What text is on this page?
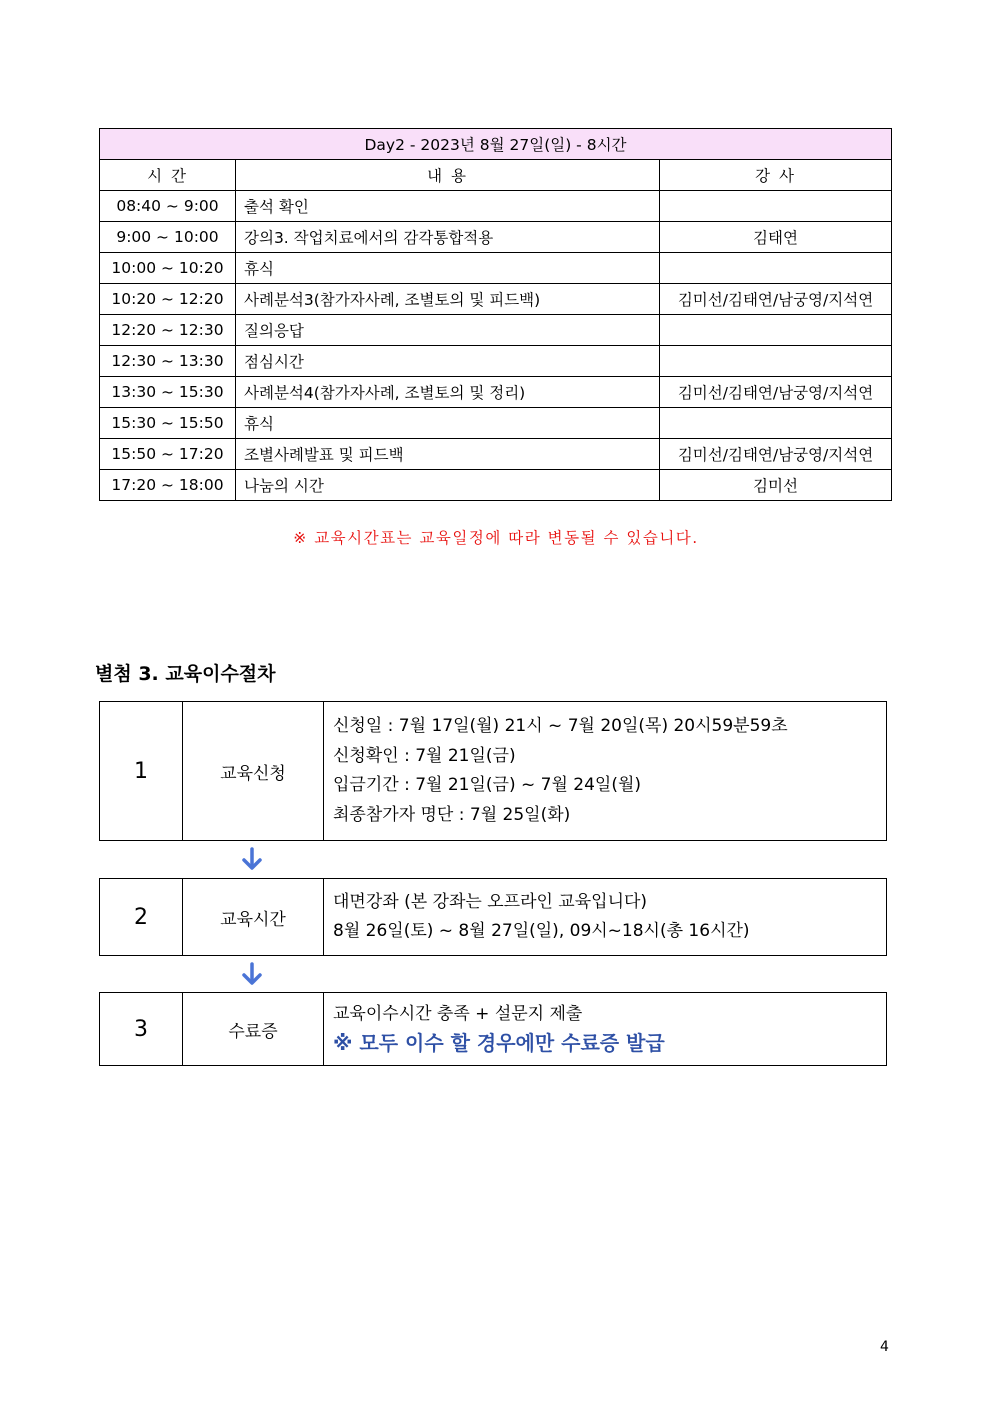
Day2 - 2023년 8월 27일(일) - 8시간		
시 간	내 용	강 사
08:40 ~ 9:00	출석 확인	
9:00 ~ 10:00	강의3. 작업치료에서의 감각통합적용	김태연
10:00 ~ 10:20	휴식	
10:20 ~ 12:20	사례분석3(참가자사례, 조별토의 및 피드백)	김미선/김태연/남궁영/지석연
12:20 ~ 12:30	질의응답	
12:30 ~ 13:30	점심시간	
13:30 ~ 15:30	사례분석4(참가자사례, 조별토의 및 정리)	김미선/김태연/남궁영/지석연
15:30 ~ 15:50	휴식	
15:50 ~ 17:20	조별사례발표 및 피드백	김미선/김태연/남궁영/지석연
17:20 ~ 18:00	나눔의 시간	김미선
※ 교육시간표는 교육일정에 따라 변동될 수 있습니다.
별첨 3. 교육이수절차
1	교육신청
신청일 : 7월 17일(월) 21시 ~ 7월 20일(목) 20시59분59초
신청확인 : 7월 21일(금)
입금기간 : 7월 21일(금) ~ 7월 24일(월)
최종참가자 명단 : 7월 25일(화)
2	교육시간
대면강좌 (본 강좌는 오프라인 교육입니다)
8월 26일(토) ~ 8월 27일(일), 09시~18시(총 16시간)
3	수료증
교육이수시간 충족 + 설문지 제출
※ 모두 이수 할 경우에만 수료증 발급
4
